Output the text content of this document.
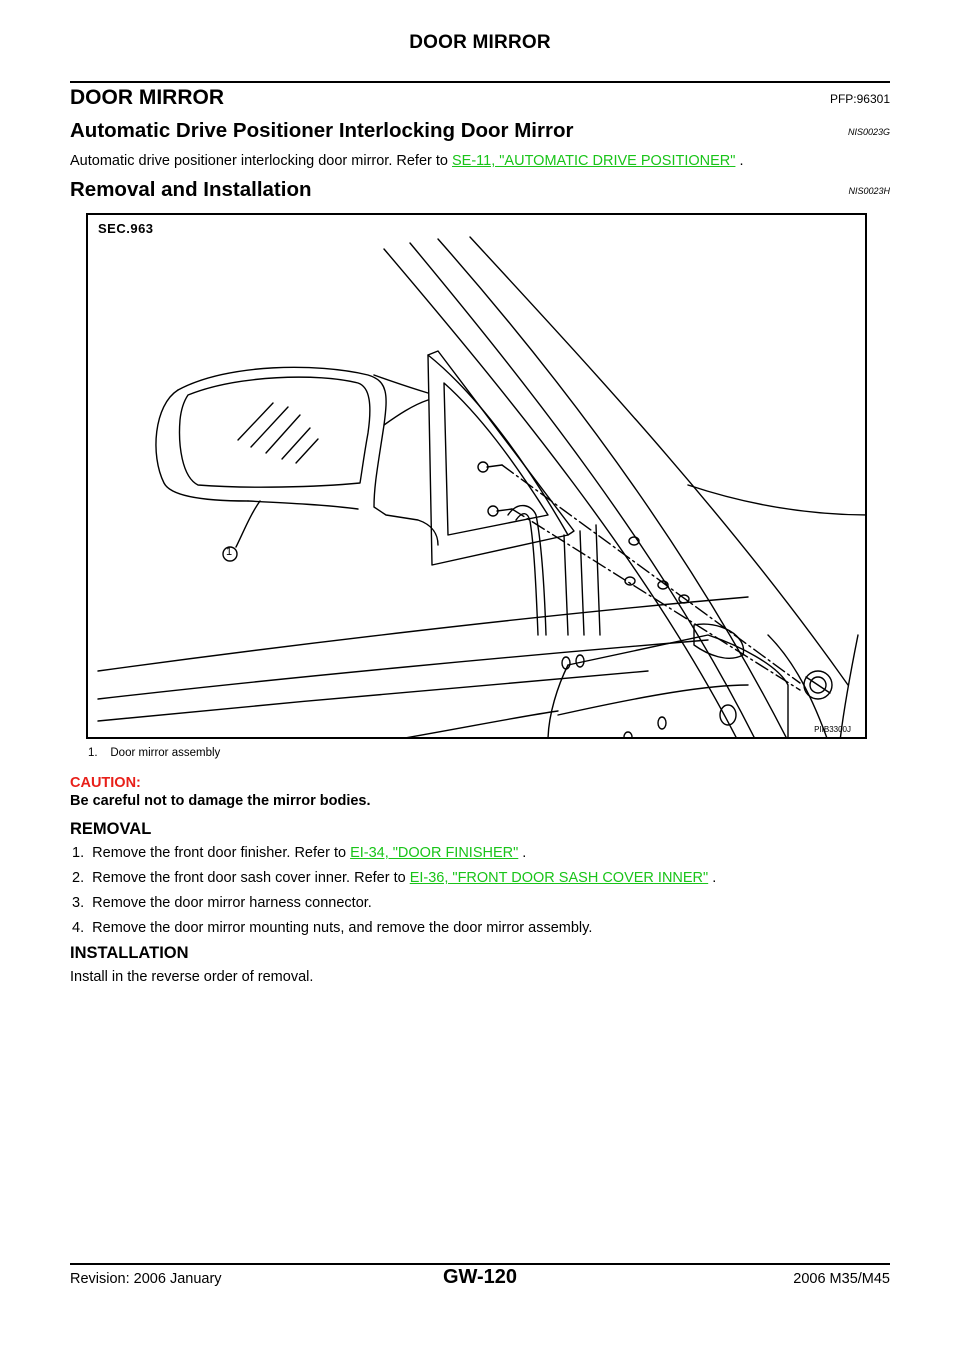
DOOR MIRROR
DOOR MIRROR	PFP:96301
Automatic Drive Positioner Interlocking Door Mirror	NIS0023G
Automatic drive positioner interlocking door mirror. Refer to SE-11, "AUTOMATIC DRIVE POSITIONER" .
Removal and Installation	NIS0023H
SEC.963
1
PIIB3300J
1.    Door mirror assembly
CAUTION:
Be careful not to damage the mirror bodies.
REMOVAL
1. Remove the front door finisher. Refer to EI-34, "DOOR FINISHER" .
2. Remove the front door sash cover inner. Refer to EI-36, "FRONT DOOR SASH COVER INNER" .
3. Remove the door mirror harness connector.
4. Remove the door mirror mounting nuts, and remove the door mirror assembly.
INSTALLATION
Install in the reverse order of removal.
Revision: 2006 January	GW-120	2006 M35/M45
